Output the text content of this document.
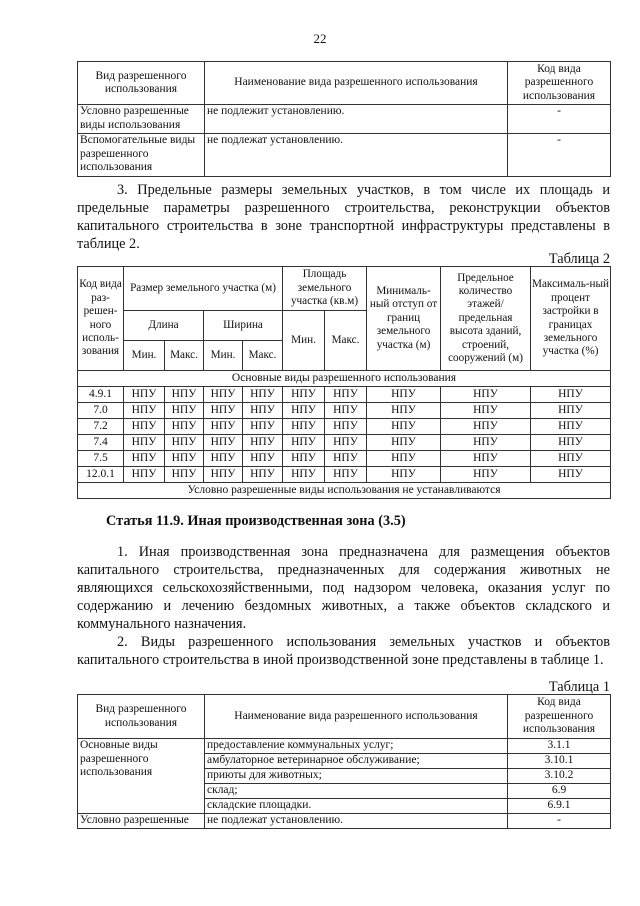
22
Вид разрешенного использования	Наименование вида разрешенного использования	Код вида разрешенного использования
Условно разрешенные виды использования	не подлежит установлению.	-
Вспомогательные виды разрешенного использования	не подлежат установлению.	-

3. Предельные размеры земельных участков, в том числе их площадь и предельные параметры разрешенного строительства, реконструкции объектов капитального строительства в зоне транспортной инфраструктуры представлены в таблице 2.

Таблица 2
Код вида раз-решен-ного исполь-зования	Размер земельного участка (м)				Площадь земельного участка (кв.м)		Минималь-ный отступ от границ земельного участка (м)	Предельное количество этажей/ предельная высота зданий, строений, сооружений (м)	Максималь-ный процент застройки в границах земельного участка (%)
	Длина		Ширина		Мин.	Макс.			
	Мин.	Макс.	Мин.	Макс.					
Основные виды разрешенного использования									
4.9.1	НПУ	НПУ	НПУ	НПУ	НПУ	НПУ	НПУ	НПУ	НПУ
7.0	НПУ	НПУ	НПУ	НПУ	НПУ	НПУ	НПУ	НПУ	НПУ
7.2	НПУ	НПУ	НПУ	НПУ	НПУ	НПУ	НПУ	НПУ	НПУ
7.4	НПУ	НПУ	НПУ	НПУ	НПУ	НПУ	НПУ	НПУ	НПУ
7.5	НПУ	НПУ	НПУ	НПУ	НПУ	НПУ	НПУ	НПУ	НПУ
12.0.1	НПУ	НПУ	НПУ	НПУ	НПУ	НПУ	НПУ	НПУ	НПУ
Условно разрешенные виды использования не устанавливаются									
Статья 11.9. Иная производственная зона (3.5)

1. Иная производственная зона предназначена для размещения объектов капитального строительства, предназначенных для содержания животных не являющихся сельскохозяйственными, под надзором человека, оказания услуг по содержанию и лечению бездомных животных, а также объектов складского и коммунального назначения.

2. Виды разрешенного использования земельных участков и объектов капитального строительства в иной производственной зоне представлены в таблице 1.

Таблица 1
Вид разрешенного использования	Наименование вида разрешенного использования	Код вида разрешенного использования
Основные виды разрешенного использования	предоставление коммунальных услуг;	3.1.1
	амбулаторное ветеринарное обслуживание;	3.10.1
	приюты для животных;	3.10.2
	склад;	6.9
	складские площадки.	6.9.1
Условно разрешенные	не подлежат установлению.	-
